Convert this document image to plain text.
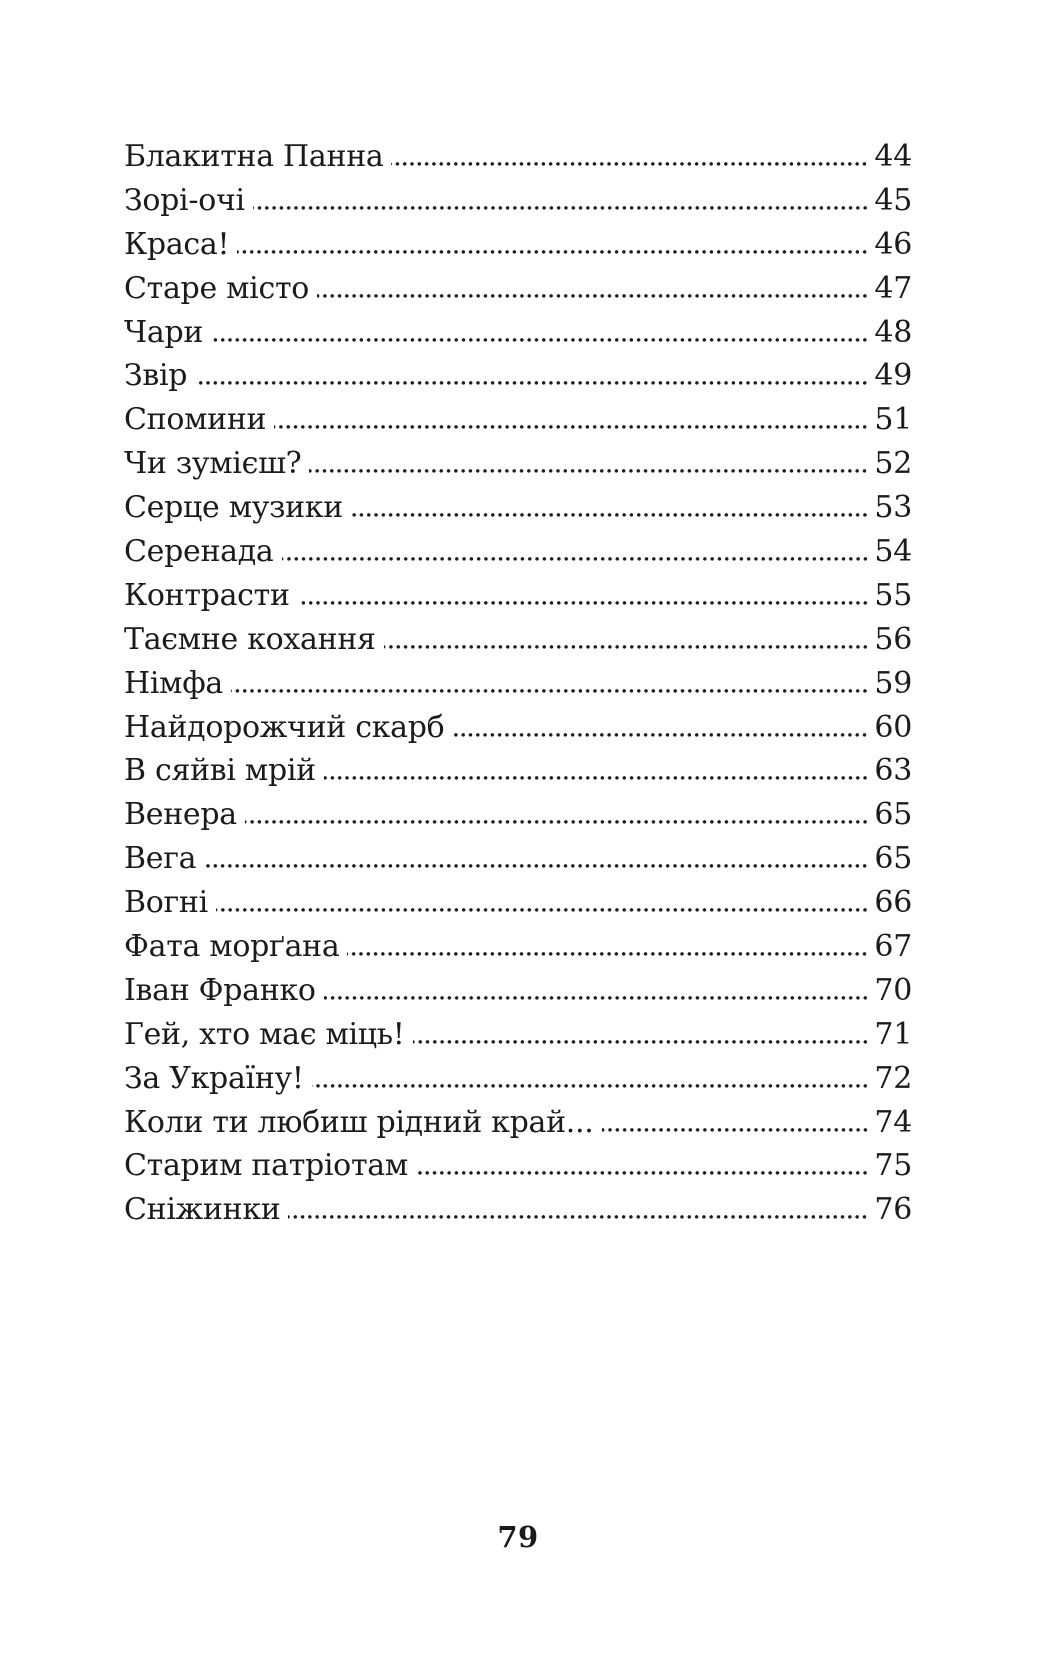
Блакитна Панна	44
Зорі-очі	45
Краса!	46
Старе місто	47
Чари	48
Звір	49
Спомини	51
Чи зумієш?	52
Серце музики	53
Серенада	54
Контрасти	55
Таємне кохання	56
Німфа	59
Найдорожчий скарб	60
В сяйві мрій	63
Венера	65
Вега	65
Вогні	66
Фата морґана	67
Іван Франко	70
Гей, хто має міць!	71
За Україну!	72
Коли ти любиш рідний край...	74
Старим патріотам	75
Сніжинки	76
79
